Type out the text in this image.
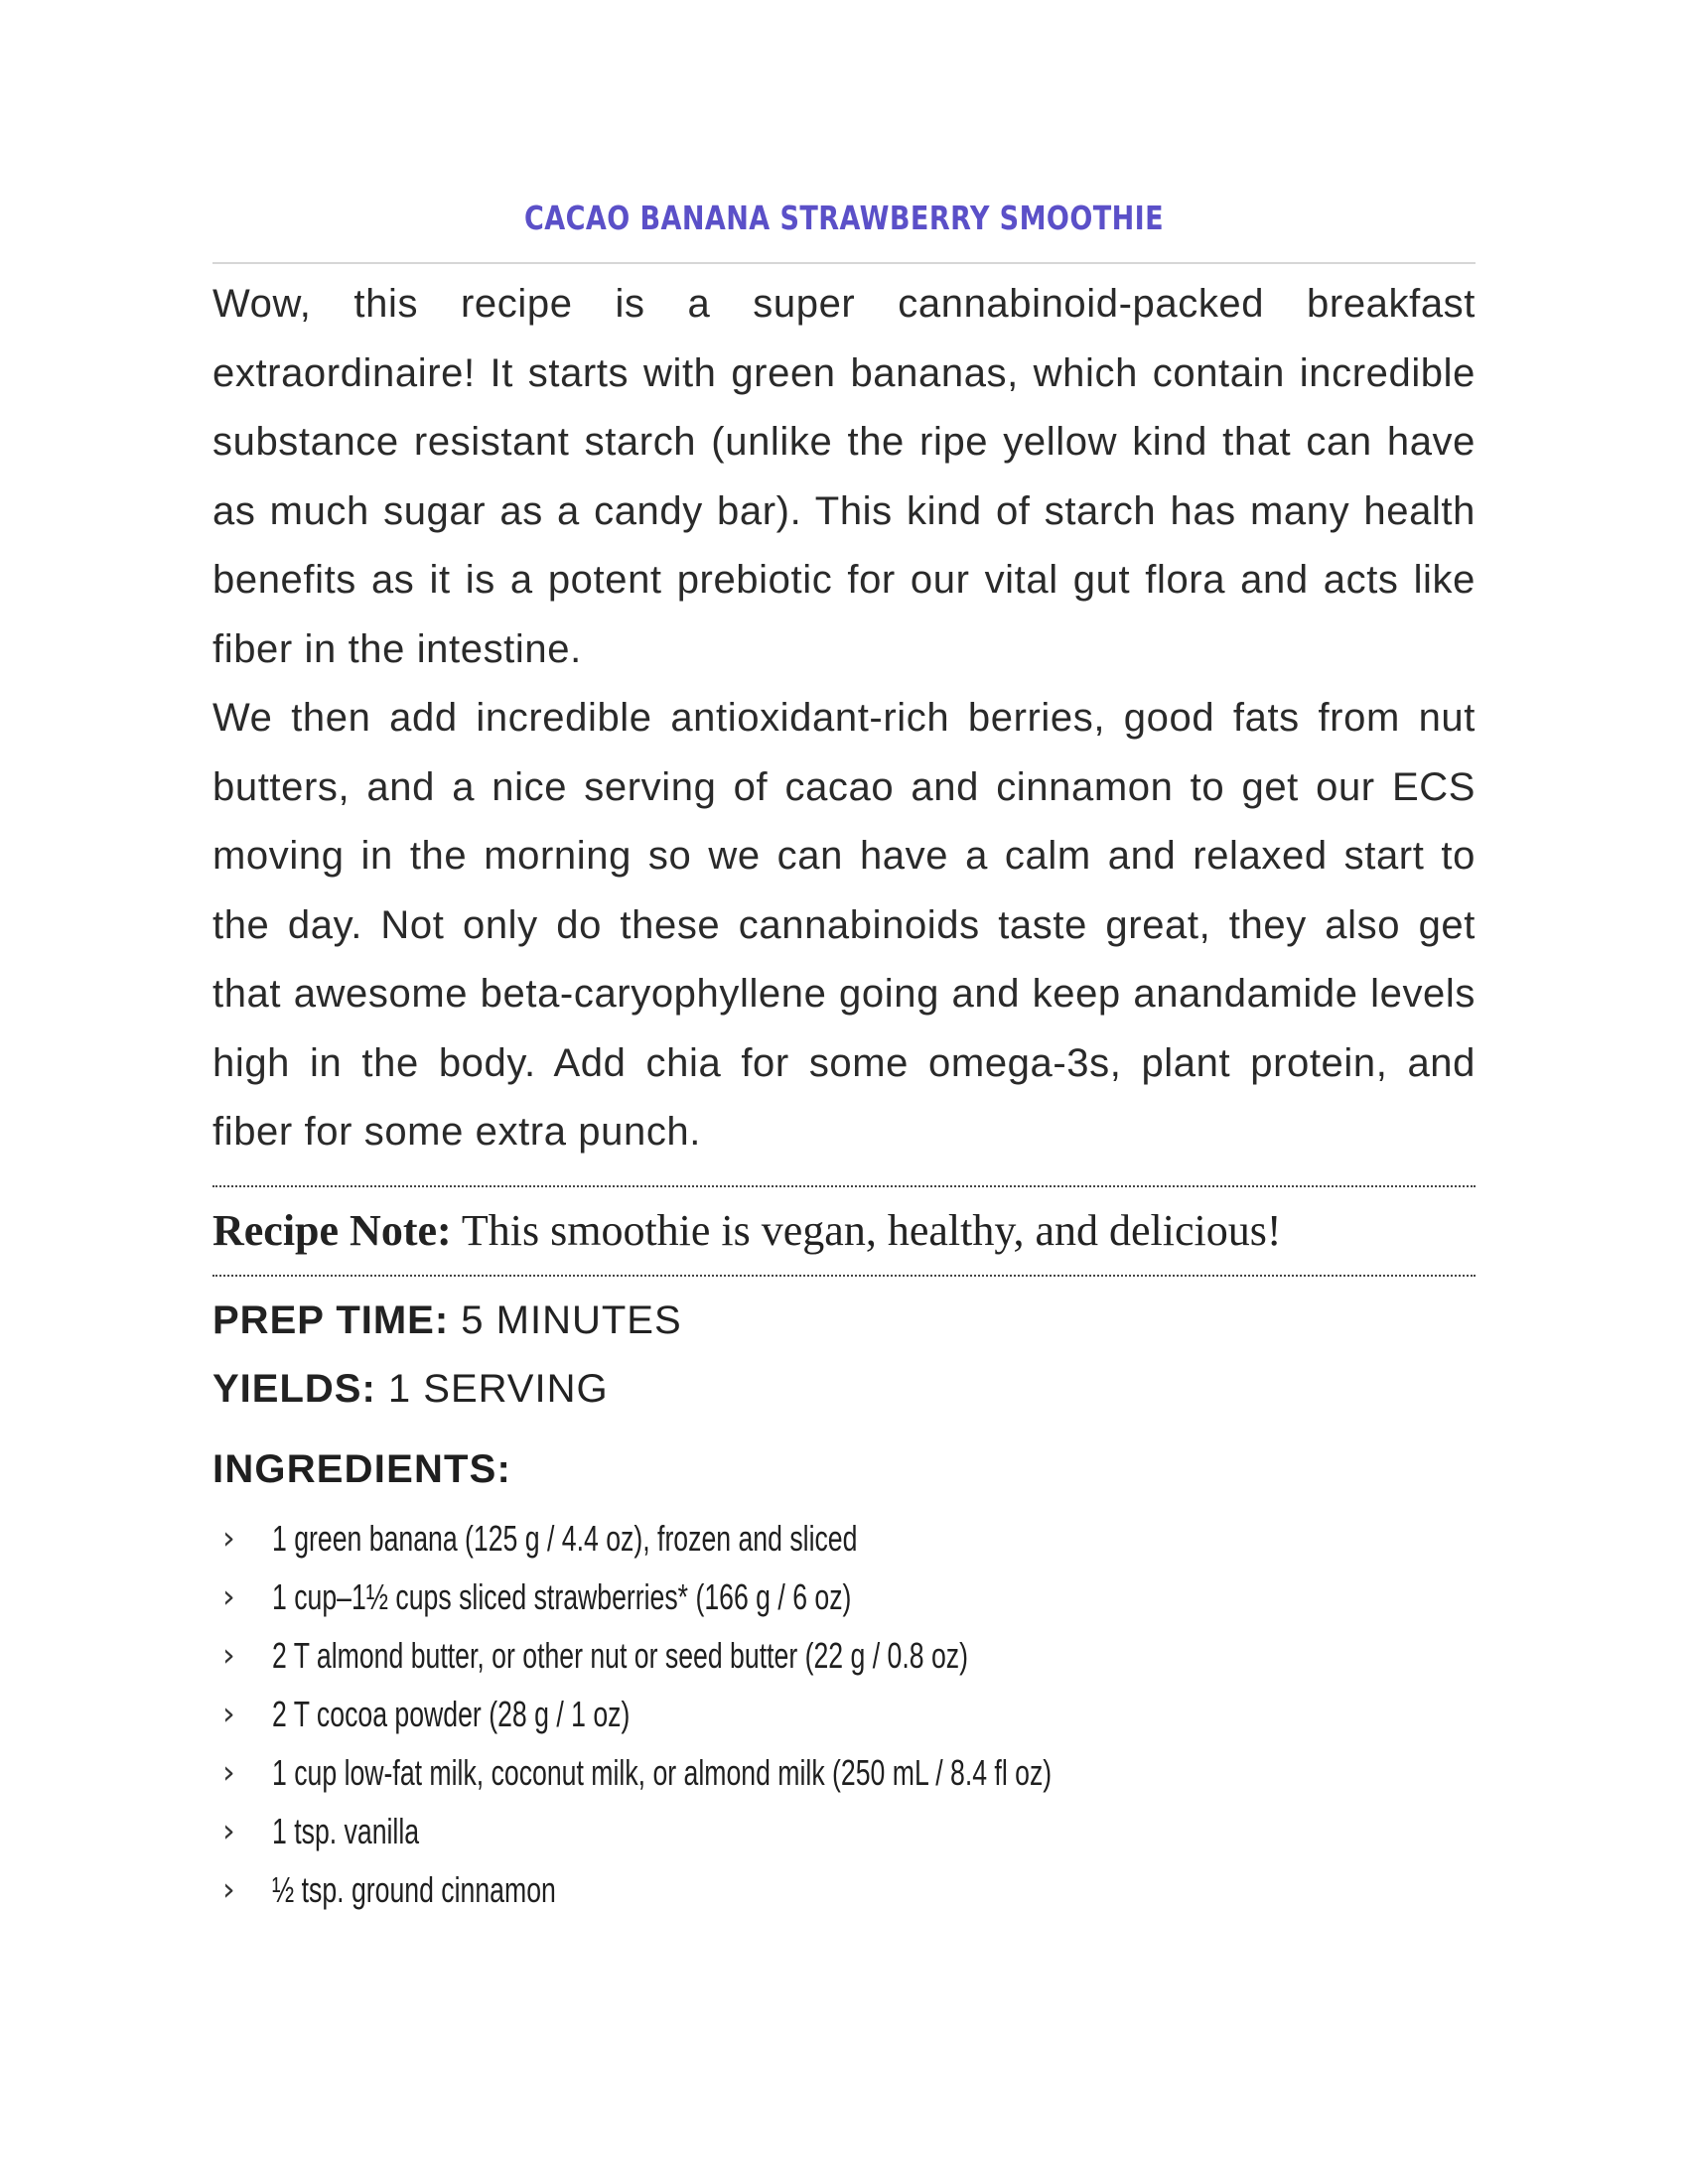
CACAO BANANA STRAWBERRY SMOOTHIE

Wow, this recipe is a super cannabinoid-packed breakfast extraordinaire! It starts with green bananas, which contain incredible substance resistant starch (unlike the ripe yellow kind that can have as much sugar as a candy bar). This kind of starch has many health benefits as it is a potent prebiotic for our vital gut flora and acts like fiber in the intestine.

We then add incredible antioxidant-rich berries, good fats from nut butters, and a nice serving of cacao and cinnamon to get our ECS moving in the morning so we can have a calm and relaxed start to the day. Not only do these cannabinoids taste great, they also get that awesome beta-caryophyllene going and keep anandamide levels high in the body. Add chia for some omega-3s, plant protein, and fiber for some extra punch.

Recipe Note: This smoothie is vegan, healthy, and delicious!
PREP TIME: 5 MINUTES
YIELDS: 1 SERVING
INGREDIENTS:
› 1 green banana (125 g / 4.4 oz), frozen and sliced
› 1 cup–1½ cups sliced strawberries* (166 g / 6 oz)
› 2 T almond butter, or other nut or seed butter (22 g / 0.8 oz)
› 2 T cocoa powder (28 g / 1 oz)
› 1 cup low-fat milk, coconut milk, or almond milk (250 mL / 8.4 fl oz)
› 1 tsp. vanilla
› ½ tsp. ground cinnamon
